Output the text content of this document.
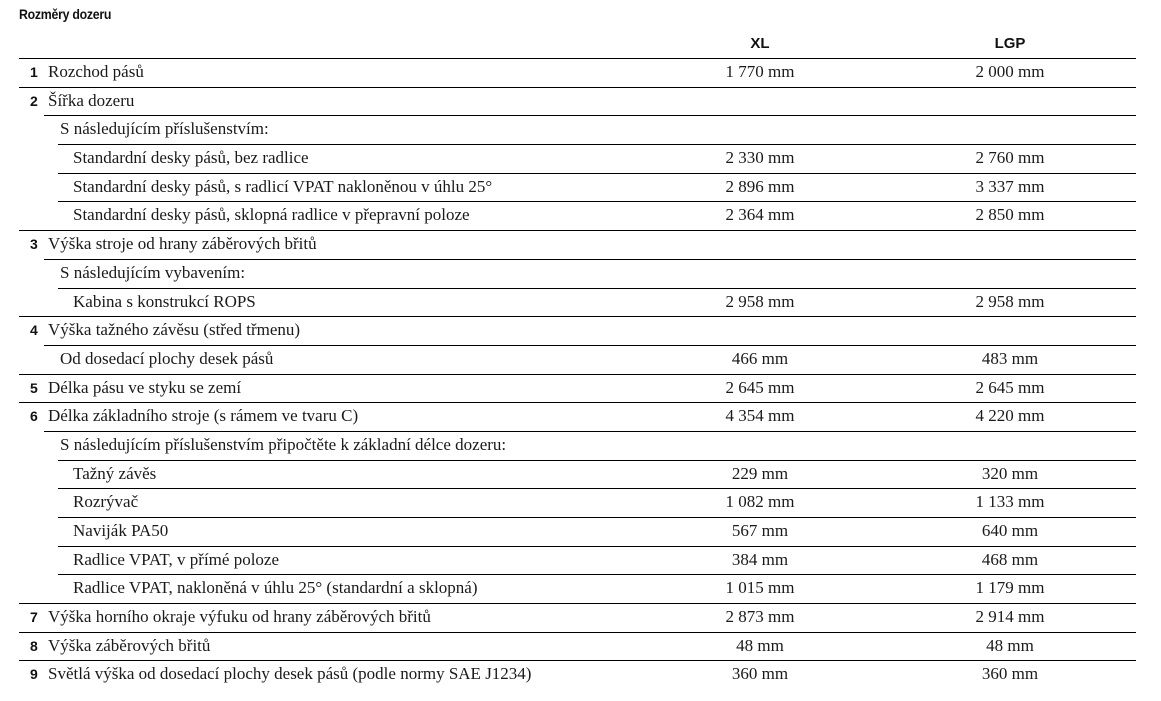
Rozměry dozeru
XL	LGP
1 Rozchod pásů	1 770 mm	2 000 mm
2 Šířka dozeru
S následujícím příslušenstvím:
Standardní desky pásů, bez radlice	2 330 mm	2 760 mm
Standardní desky pásů, s radlicí VPAT nakloněnou v úhlu 25°	2 896 mm	3 337 mm
Standardní desky pásů, sklopná radlice v přepravní poloze	2 364 mm	2 850 mm
3 Výška stroje od hrany záběrových břitů
S následujícím vybavením:
Kabina s konstrukcí ROPS	2 958 mm	2 958 mm
4 Výška tažného závěsu (střed třmenu)
Od dosedací plochy desek pásů	466 mm	483 mm
5 Délka pásu ve styku se zemí	2 645 mm	2 645 mm
6 Délka základního stroje (s rámem ve tvaru C)	4 354 mm	4 220 mm
S následujícím příslušenstvím připočtěte k základní délce dozeru:
Tažný závěs	229 mm	320 mm
Rozrývač	1 082 mm	1 133 mm
Naviják PA50	567 mm	640 mm
Radlice VPAT, v přímé poloze	384 mm	468 mm
Radlice VPAT, nakloněná v úhlu 25° (standardní a sklopná)	1 015 mm	1 179 mm
7 Výška horního okraje výfuku od hrany záběrových břitů	2 873 mm	2 914 mm
8 Výška záběrových břitů	48 mm	48 mm
9 Světlá výška od dosedací plochy desek pásů (podle normy SAE J1234)	360 mm	360 mm
